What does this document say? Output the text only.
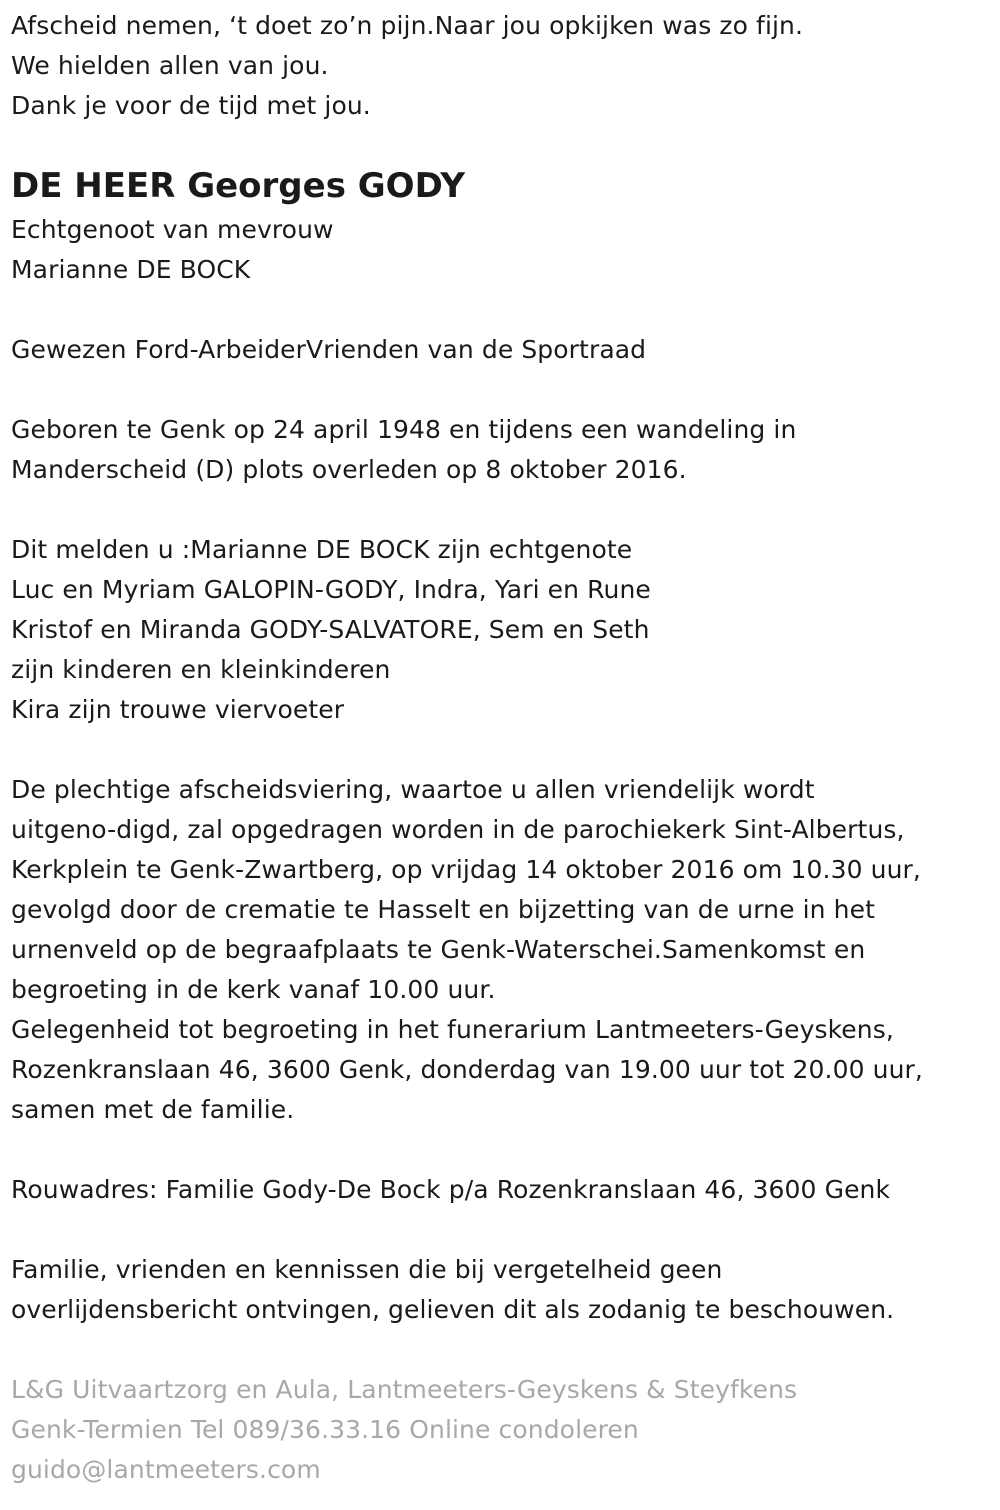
Afscheid nemen, ‘t doet zo’n pijn.Naar jou opkijken was zo fijn.
We hielden allen van jou.
Dank je voor de tijd met jou.
DE HEER Georges GODY
Echtgenoot van mevrouw
Marianne DE BOCK
Gewezen Ford-ArbeiderVrienden van de Sportraad
Geboren te Genk op 24 april 1948 en tijdens een wandeling in
Manderscheid (D) plots overleden op 8 oktober 2016.
Dit melden u :Marianne DE BOCK zijn echtgenote
Luc en Myriam GALOPIN-GODY, Indra, Yari en Rune
Kristof en Miranda GODY-SALVATORE, Sem en Seth
zijn kinderen en kleinkinderen
Kira zijn trouwe viervoeter
De plechtige afscheidsviering, waartoe u allen vriendelijk wordt
uitgeno-digd, zal opgedragen worden in de parochiekerk Sint-Albertus,
Kerkplein te Genk-Zwartberg, op vrijdag 14 oktober 2016 om 10.30 uur,
gevolgd door de crematie te Hasselt en bijzetting van de urne in het
urnenveld op de begraafplaats te Genk-Waterschei.Samenkomst en
begroeting in de kerk vanaf 10.00 uur.
Gelegenheid tot begroeting in het funerarium Lantmeeters-Geyskens,
Rozenkranslaan 46, 3600 Genk, donderdag van 19.00 uur tot 20.00 uur,
samen met de familie.
Rouwadres: Familie Gody-De Bock p/a Rozenkranslaan 46, 3600 Genk
Familie, vrienden en kennissen die bij vergetelheid geen
overlijdensbericht ontvingen, gelieven dit als zodanig te beschouwen.
L&G Uitvaartzorg en Aula, Lantmeeters-Geyskens & Steyfkens
Genk-Termien Tel 089/36.33.16 Online condoleren
guido@lantmeeters.com
